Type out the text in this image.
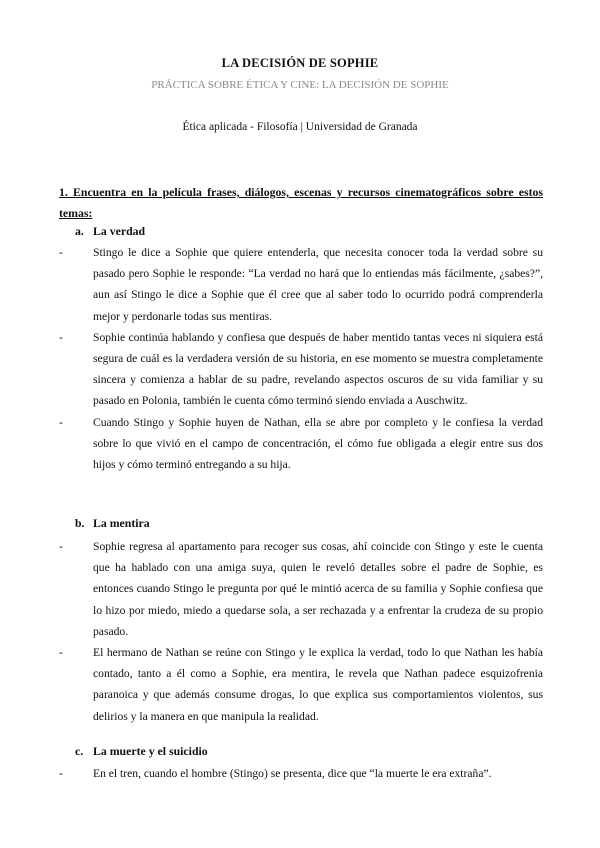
LA DECISIÓN DE SOPHIE
PRÁCTICA SOBRE ÉTICA Y CINE: LA DECISIÓN DE SOPHIE
Ética aplicada - Filosofía | Universidad de Granada
1. Encuentra en la película frases, diálogos, escenas y recursos cinematográficos sobre estos temas:
a. La verdad
-	Stingo le dice a Sophie que quiere entenderla, que necesita conocer toda la verdad sobre su pasado pero Sophie le responde: “La verdad no hará que lo entiendas más fácilmente, ¿sabes?”, aun así Stingo le dice a Sophie que él cree que al saber todo lo ocurrido podrá comprenderla mejor y perdonarle todas sus mentiras.
-	Sophie continúa hablando y confiesa que después de haber mentido tantas veces ni siquiera está segura de cuál es la verdadera versión de su historia, en ese momento se muestra completamente sincera y comienza a hablar de su padre, revelando aspectos oscuros de su vida familiar y su pasado en Polonia, también le cuenta cómo terminó siendo enviada a Auschwitz.
-	Cuando Stingo y Sophie huyen de Nathan, ella se abre por completo y le confiesa la verdad sobre lo que vivió en el campo de concentración, el cómo fue obligada a elegir entre sus dos hijos y cómo terminó entregando a su hija.
b. La mentira
-	Sophie regresa al apartamento para recoger sus cosas, ahí coincide con Stingo y este le cuenta que ha hablado con una amiga suya, quien le reveló detalles sobre el padre de Sophie, es entonces cuando Stingo le pregunta por qué le mintió acerca de su familia y Sophie confiesa que lo hizo por miedo, miedo a quedarse sola, a ser rechazada y a enfrentar la crudeza de su propio pasado.
-	El hermano de Nathan se reúne con Stingo y le explica la verdad, todo lo que Nathan les había contado, tanto a él como a Sophie, era mentira, le revela que Nathan padece esquizofrenia paranoica y que además consume drogas, lo que explica sus comportamientos violentos, sus delirios y la manera en que manipula la realidad.
c. La muerte y el suicidio
-	En el tren, cuando el hombre (Stingo) se presenta, dice que “la muerte le era extraña”.
